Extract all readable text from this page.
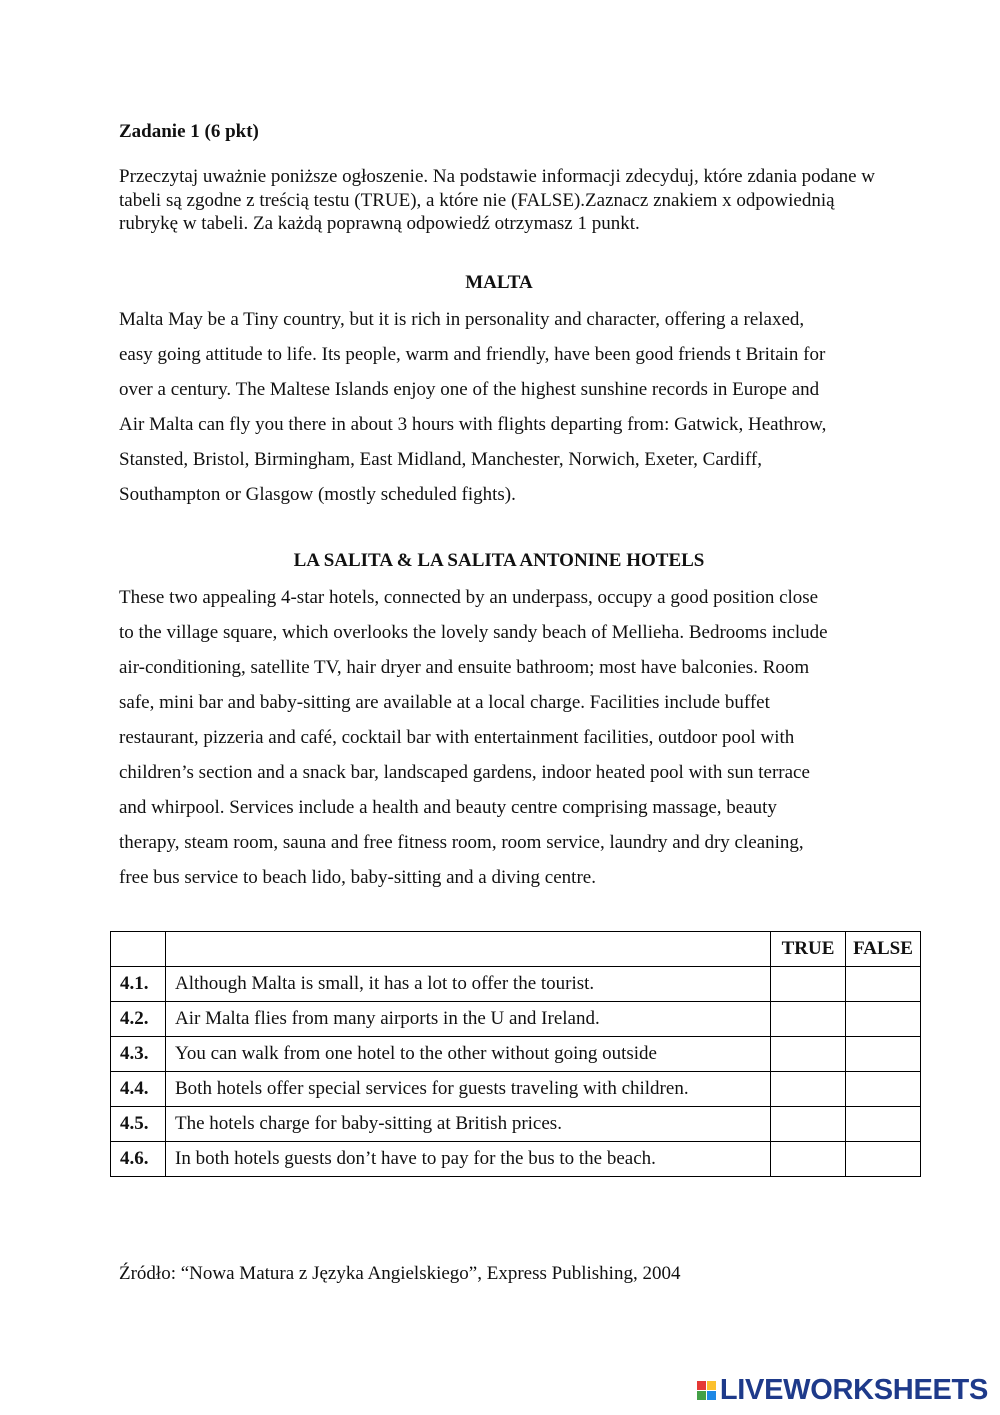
Zadanie 1 (6 pkt)
Przeczytaj uważnie poniższe ogłoszenie. Na podstawie informacji zdecyduj, które zdania podane w tabeli są zgodne z treścią testu (TRUE), a które nie (FALSE).Zaznacz znakiem x odpowiednią rubrykę w tabeli. Za każdą poprawną odpowiedź otrzymasz 1 punkt.
MALTA
Malta May be a Tiny country, but it is rich in personality and character, offering a relaxed,
easy going attitude to life. Its people, warm and friendly, have been good friends t Britain for
over a century. The Maltese Islands enjoy one of the highest sunshine records in Europe and
Air Malta can fly you there in about 3 hours with flights departing from: Gatwick, Heathrow,
Stansted, Bristol, Birmingham, East Midland, Manchester, Norwich, Exeter, Cardiff,
Southampton or Glasgow (mostly scheduled fights).
LA SALITA & LA SALITA ANTONINE HOTELS
These two appealing 4-star hotels, connected by an underpass, occupy a good position close
to the village square, which overlooks the lovely sandy beach of Mellieha. Bedrooms include
air-conditioning, satellite TV, hair dryer and ensuite bathroom; most have balconies. Room
safe, mini bar and baby-sitting are available at a local charge. Facilities include buffet
restaurant, pizzeria and café, cocktail bar with entertainment facilities, outdoor pool with
children’s section and a snack bar, landscaped gardens, indoor heated pool with sun terrace
and whirpool. Services include a health and beauty centre comprising massage, beauty
therapy, steam room, sauna and free fitness room, room service, laundry and dry cleaning,
free bus service to beach lido, baby-sitting and a diving centre.
		TRUE	FALSE
4.1.	Although Malta is small, it has a lot to offer the tourist.		
4.2.	Air Malta flies from many airports in the U and Ireland.		
4.3.	You can walk from one hotel to the other without going outside		
4.4.	Both hotels offer special services for guests traveling with children.		
4.5.	The hotels charge for baby-sitting at British prices.		
4.6.	In both hotels guests don’t have to pay for the bus to the beach.		
Źródło: “Nowa Matura z Języka Angielskiego”, Express Publishing, 2004
LIVEWORKSHEETS
